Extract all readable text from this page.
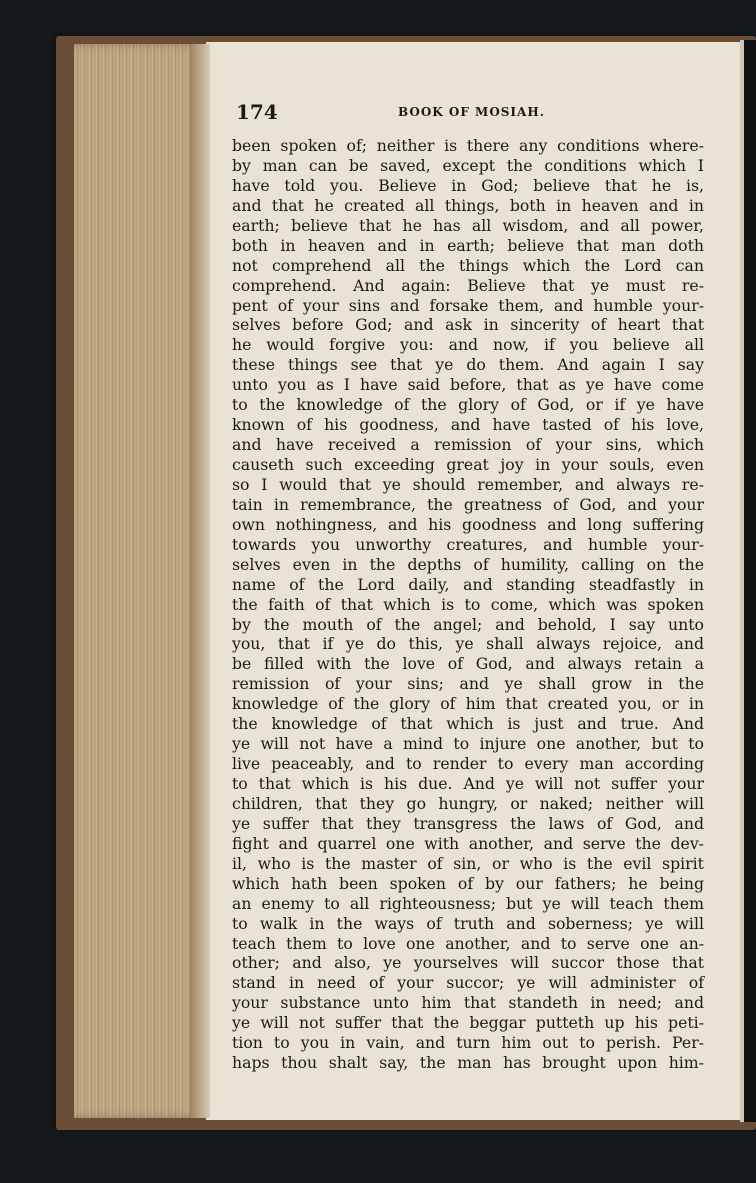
174	BOOK OF MOSIAH.
been spoken of; neither is there any conditions where-
by man can be saved, except the conditions which I
have told you. Believe in God; believe that he is,
and that he created all things, both in heaven and in
earth; believe that he has all wisdom, and all power,
both in heaven and in earth; believe that man doth
not comprehend all the things which the Lord can
comprehend. And again: Believe that ye must re-
pent of your sins and forsake them, and humble your-
selves before God; and ask in sincerity of heart that
he would forgive you: and now, if you believe all
these things see that ye do them. And again I say
unto you as I have said before, that as ye have come
to the knowledge of the glory of God, or if ye have
known of his goodness, and have tasted of his love,
and have received a remission of your sins, which
causeth such exceeding great joy in your souls, even
so I would that ye should remember, and always re-
tain in remembrance, the greatness of God, and your
own nothingness, and his goodness and long suffering
towards you unworthy creatures, and humble your-
selves even in the depths of humility, calling on the
name of the Lord daily, and standing steadfastly in
the faith of that which is to come, which was spoken
by the mouth of the angel; and behold, I say unto
you, that if ye do this, ye shall always rejoice, and
be filled with the love of God, and always retain a
remission of your sins; and ye shall grow in the
knowledge of the glory of him that created you, or in
the knowledge of that which is just and true. And
ye will not have a mind to injure one another, but to
live peaceably, and to render to every man according
to that which is his due. And ye will not suffer your
children, that they go hungry, or naked; neither will
ye suffer that they transgress the laws of God, and
fight and quarrel one with another, and serve the dev-
il, who is the master of sin, or who is the evil spirit
which hath been spoken of by our fathers; he being
an enemy to all righteousness; but ye will teach them
to walk in the ways of truth and soberness; ye will
teach them to love one another, and to serve one an-
other; and also, ye yourselves will succor those that
stand in need of your succor; ye will administer of
your substance unto him that standeth in need; and
ye will not suffer that the beggar putteth up his peti-
tion to you in vain, and turn him out to perish. Per-
haps thou shalt say, the man has brought upon him-
